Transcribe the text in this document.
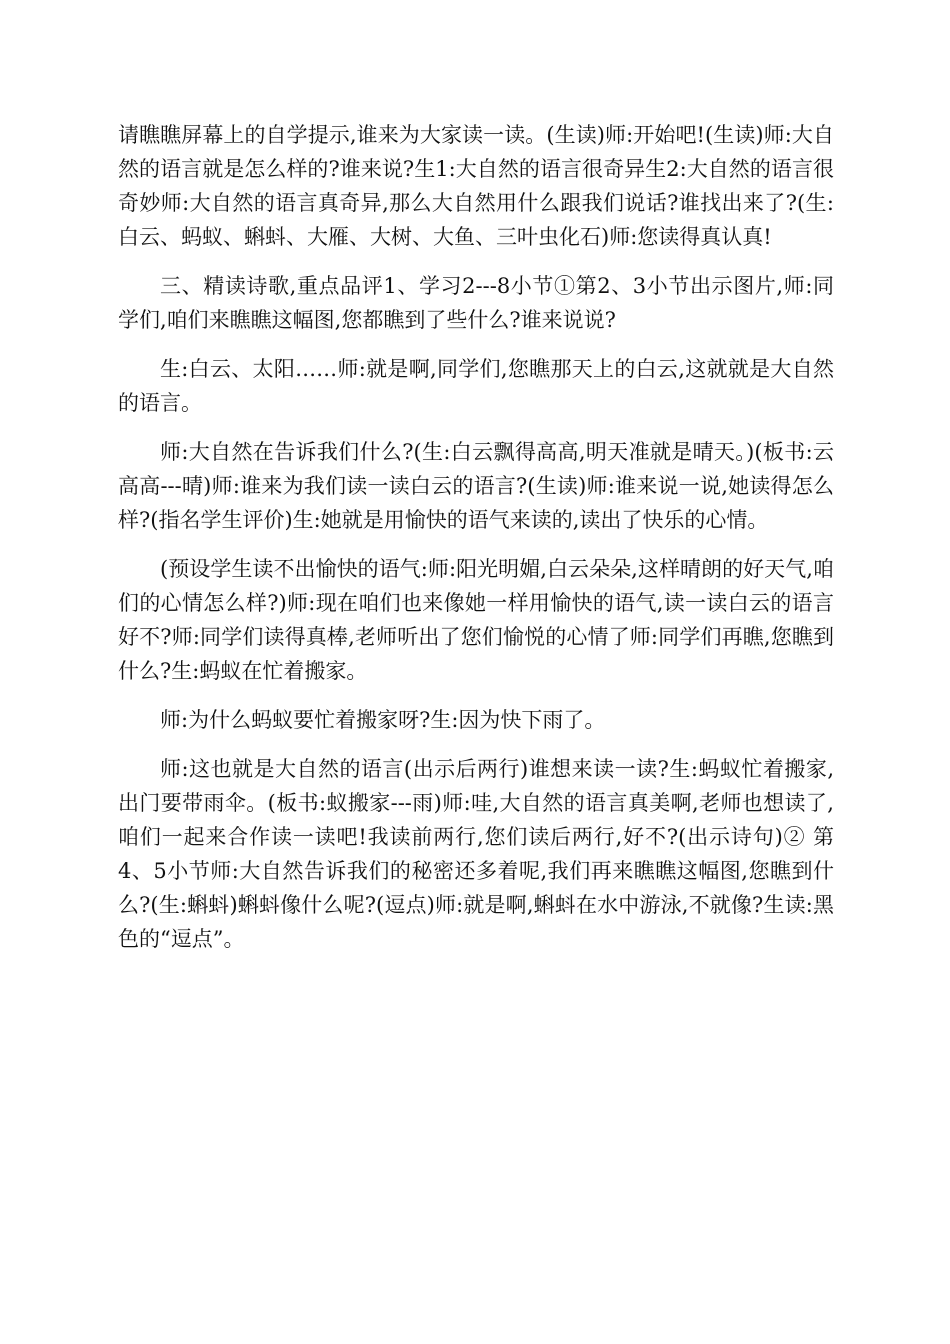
请瞧瞧屏幕上的自学提示,谁来为大家读一读。(生读)师:开始吧!(生读)师:大自然的语言就是怎么样的?谁来说?生1:大自然的语言很奇异生2:大自然的语言很奇妙师:大自然的语言真奇异,那么大自然用什么跟我们说话?谁找出来了?(生:白云、蚂蚁、蝌蚪、大雁、大树、大鱼、三叶虫化石)师:您读得真认真!

三、精读诗歌,重点品评1、学习2---8小节①第2、3小节出示图片,师:同学们,咱们来瞧瞧这幅图,您都瞧到了些什么?谁来说说?

生:白云、太阳……师:就是啊,同学们,您瞧那天上的白云,这就就是大自然的语言。

师:大自然在告诉我们什么?(生:白云飘得高高,明天准就是晴天。)(板书:云高高---晴)师:谁来为我们读一读白云的语言?(生读)师:谁来说一说,她读得怎么样?(指名学生评价)生:她就是用愉快的语气来读的,读出了快乐的心情。

(预设学生读不出愉快的语气:师:阳光明媚,白云朵朵,这样晴朗的好天气,咱们的心情怎么样?)师:现在咱们也来像她一样用愉快的语气,读一读白云的语言好不?师:同学们读得真棒,老师听出了您们愉悦的心情了师:同学们再瞧,您瞧到什么?生:蚂蚁在忙着搬家。

师:为什么蚂蚁要忙着搬家呀?生:因为快下雨了。

师:这也就是大自然的语言(出示后两行)谁想来读一读?生:蚂蚁忙着搬家,出门要带雨伞。(板书:蚁搬家---雨)师:哇,大自然的语言真美啊,老师也想读了,咱们一起来合作读一读吧!我读前两行,您们读后两行,好不?(出示诗句)② 第4、5小节师:大自然告诉我们的秘密还多着呢,我们再来瞧瞧这幅图,您瞧到什么?(生:蝌蚪)蝌蚪像什么呢?(逗点)师:就是啊,蝌蚪在水中游泳,不就像?生读:黑色的“逗点”。
